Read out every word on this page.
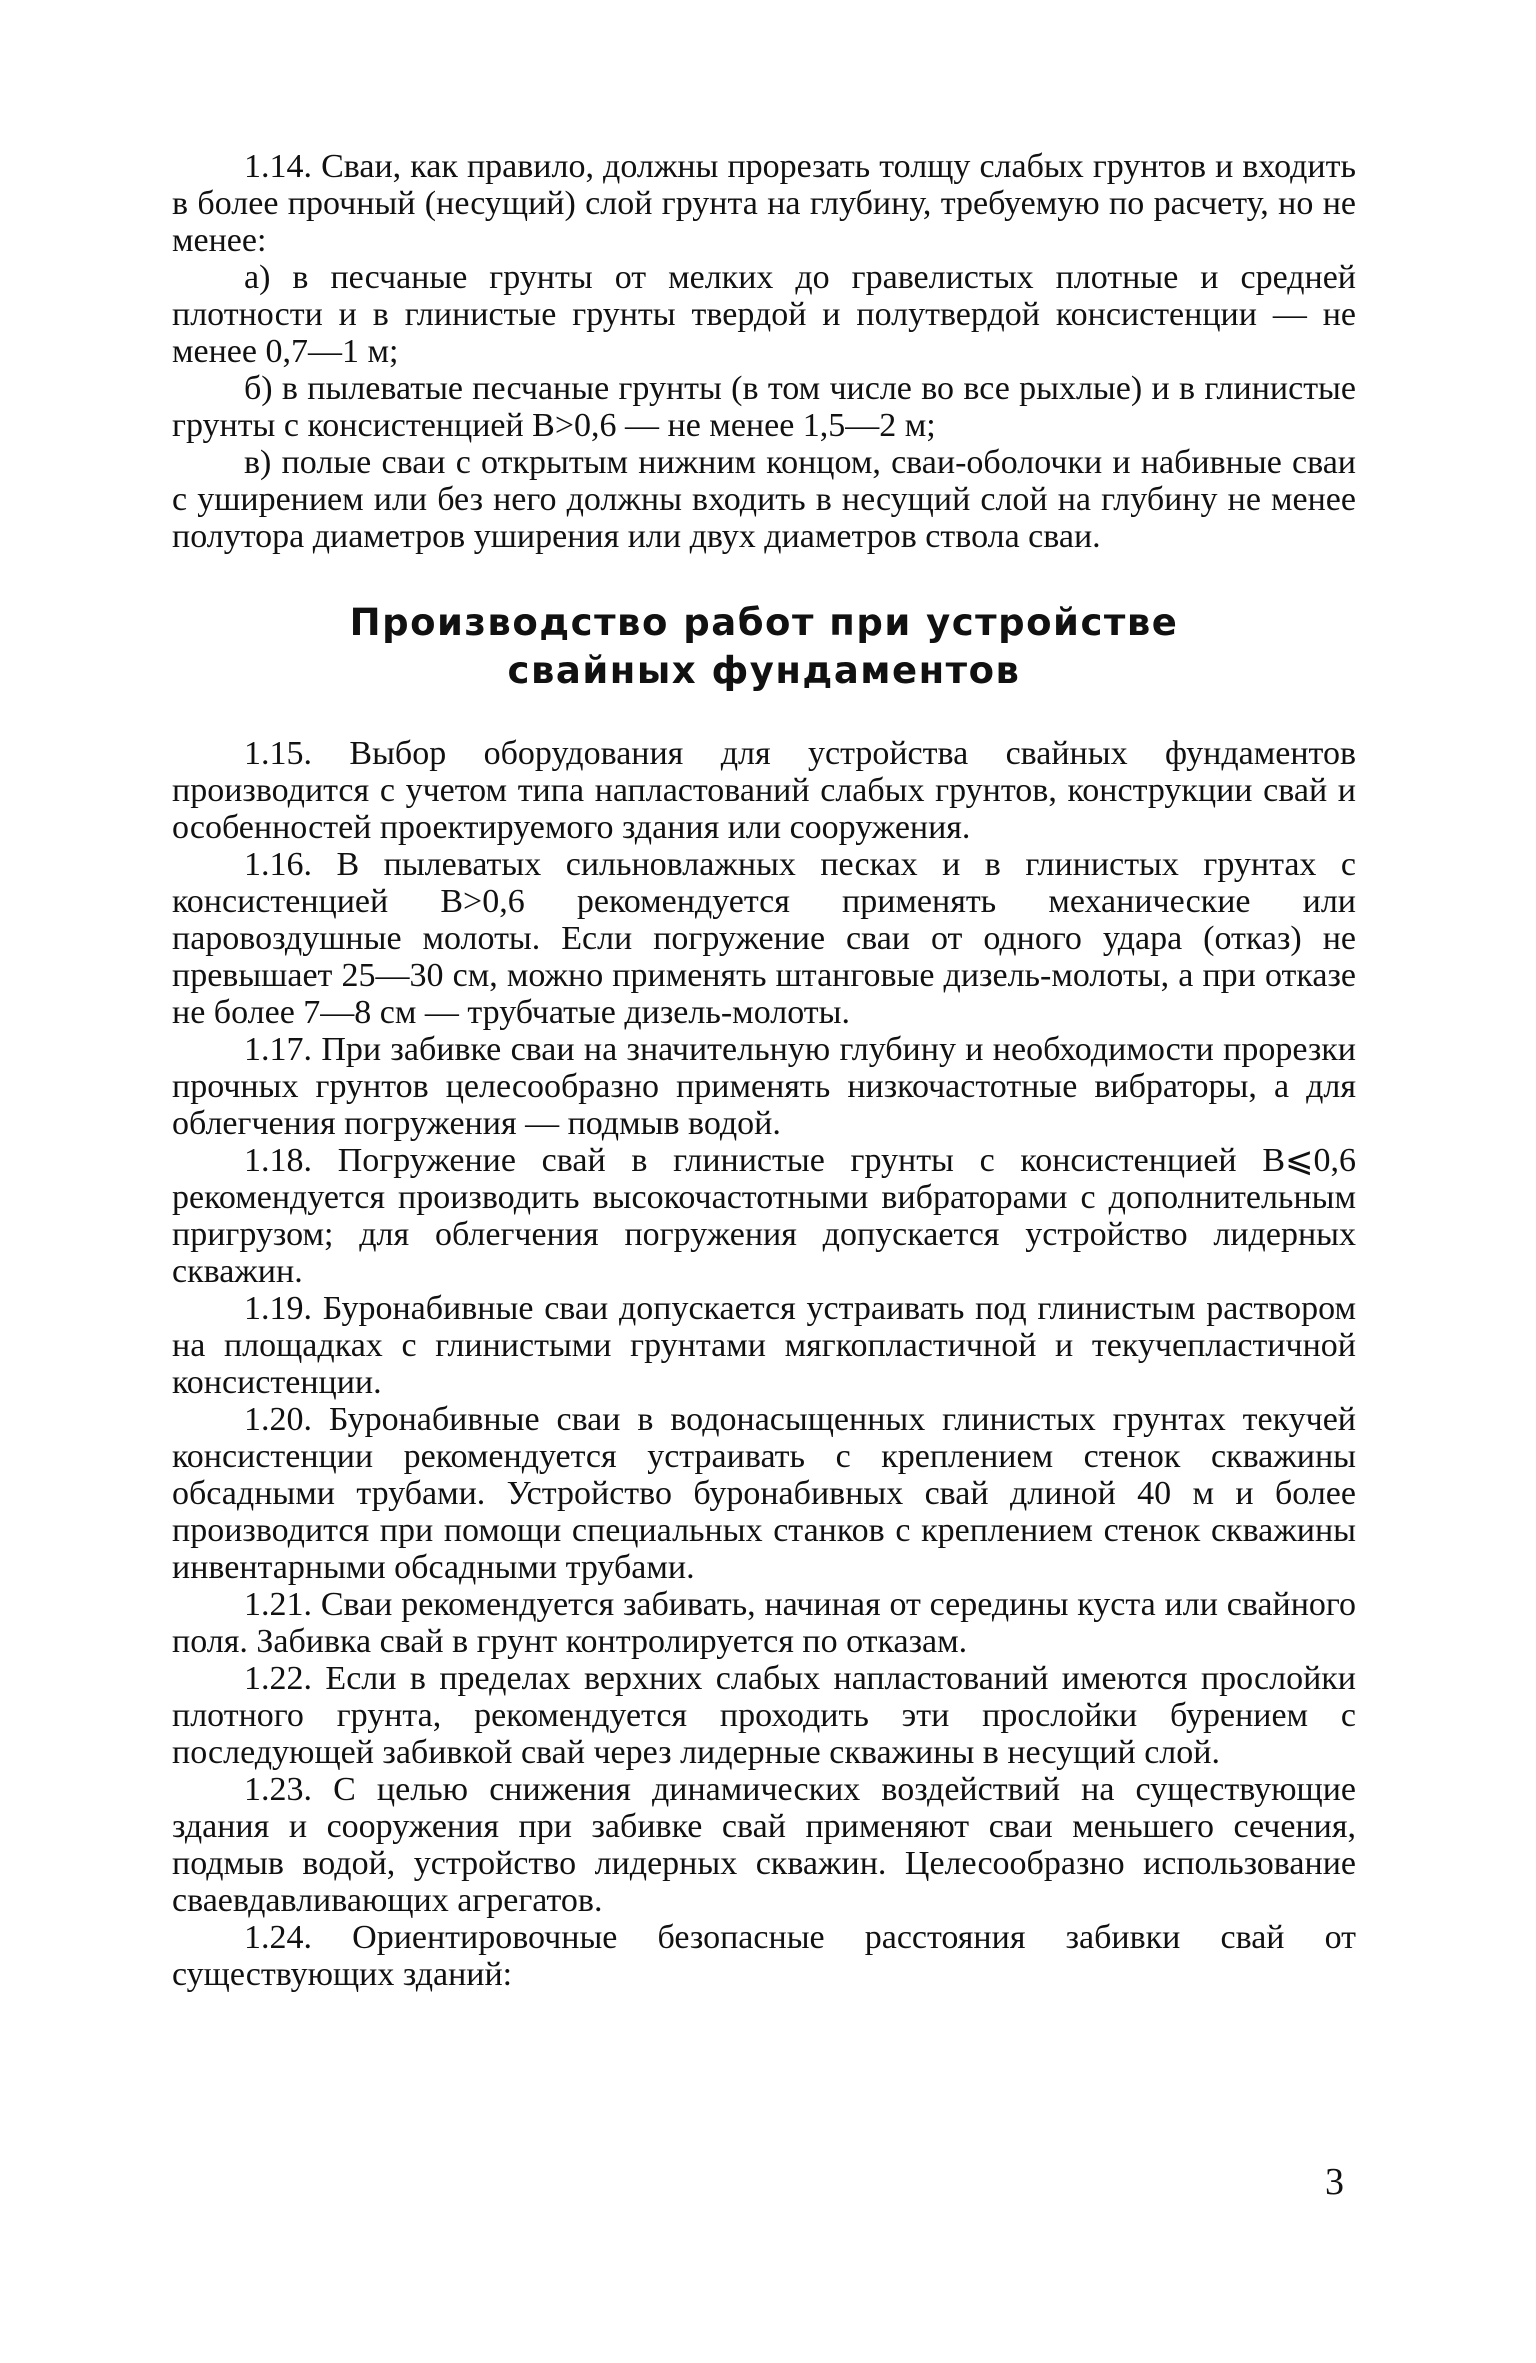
1.14. Сваи, как правило, должны прорезать толщу слабых грунтов и входить в более прочный (несущий) слой грунта на глубину, требуемую по расчету, но не менее:

а) в песчаные грунты от мелких до гравелистых плотные и средней плотности и в глинистые грунты твердой и полутвердой консистенции — не менее 0,7—1 м;

б) в пылеватые песчаные грунты (в том числе во все рыхлые) и в глинистые грунты с консистенцией B>0,6 — не менее 1,5—2 м;

в) полые сваи с открытым нижним концом, сваи-оболочки и набивные сваи с уширением или без него должны входить в несущий слой на глубину не менее полутора диаметров уширения или двух диаметров ствола сваи.

Производство работ при устройстве
свайных фундаментов

1.15. Выбор оборудования для устройства свайных фундаментов производится с учетом типа напластований слабых грунтов, конструкции свай и особенностей проектируемого здания или сооружения.

1.16. В пылеватых сильновлажных песках и в глинистых грунтах с консистенцией B>0,6 рекомендуется применять механические или паровоздушные молоты. Если погружение сваи от одного удара (отказ) не превышает 25—30 см, можно применять штанговые дизель-молоты, а при отказе не более 7—8 см — трубчатые дизель-молоты.

1.17. При забивке сваи на значительную глубину и необходимости прорезки прочных грунтов целесообразно применять низкочастотные вибраторы, а для облегчения погружения — подмыв водой.

1.18. Погружение свай в глинистые грунты с консистенцией B⩽0,6 рекомендуется производить высокочастотными вибраторами с дополнительным пригрузом; для облегчения погружения допускается устройство лидерных скважин.

1.19. Буронабивные сваи допускается устраивать под глинистым раствором на площадках с глинистыми грунтами мягкопластичной и текучепластичной консистенции.

1.20. Буронабивные сваи в водонасыщенных глинистых грунтах текучей консистенции рекомендуется устраивать с креплением стенок скважины обсадными трубами. Устройство буронабивных свай длиной 40 м и более производится при помощи специальных станков с креплением стенок скважины инвентарными обсадными трубами.

1.21. Сваи рекомендуется забивать, начиная от середины куста или свайного поля. Забивка свай в грунт контролируется по отказам.

1.22. Если в пределах верхних слабых напластований имеются прослойки плотного грунта, рекомендуется проходить эти прослойки бурением с последующей забивкой свай через лидерные скважины в несущий слой.

1.23. С целью снижения динамических воздействий на существующие здания и сооружения при забивке свай применяют сваи меньшего сечения, подмыв водой, устройство лидерных скважин. Целесообразно использование сваевдавливающих агрегатов.

1.24. Ориентировочные безопасные расстояния забивки свай от существующих зданий:

3
